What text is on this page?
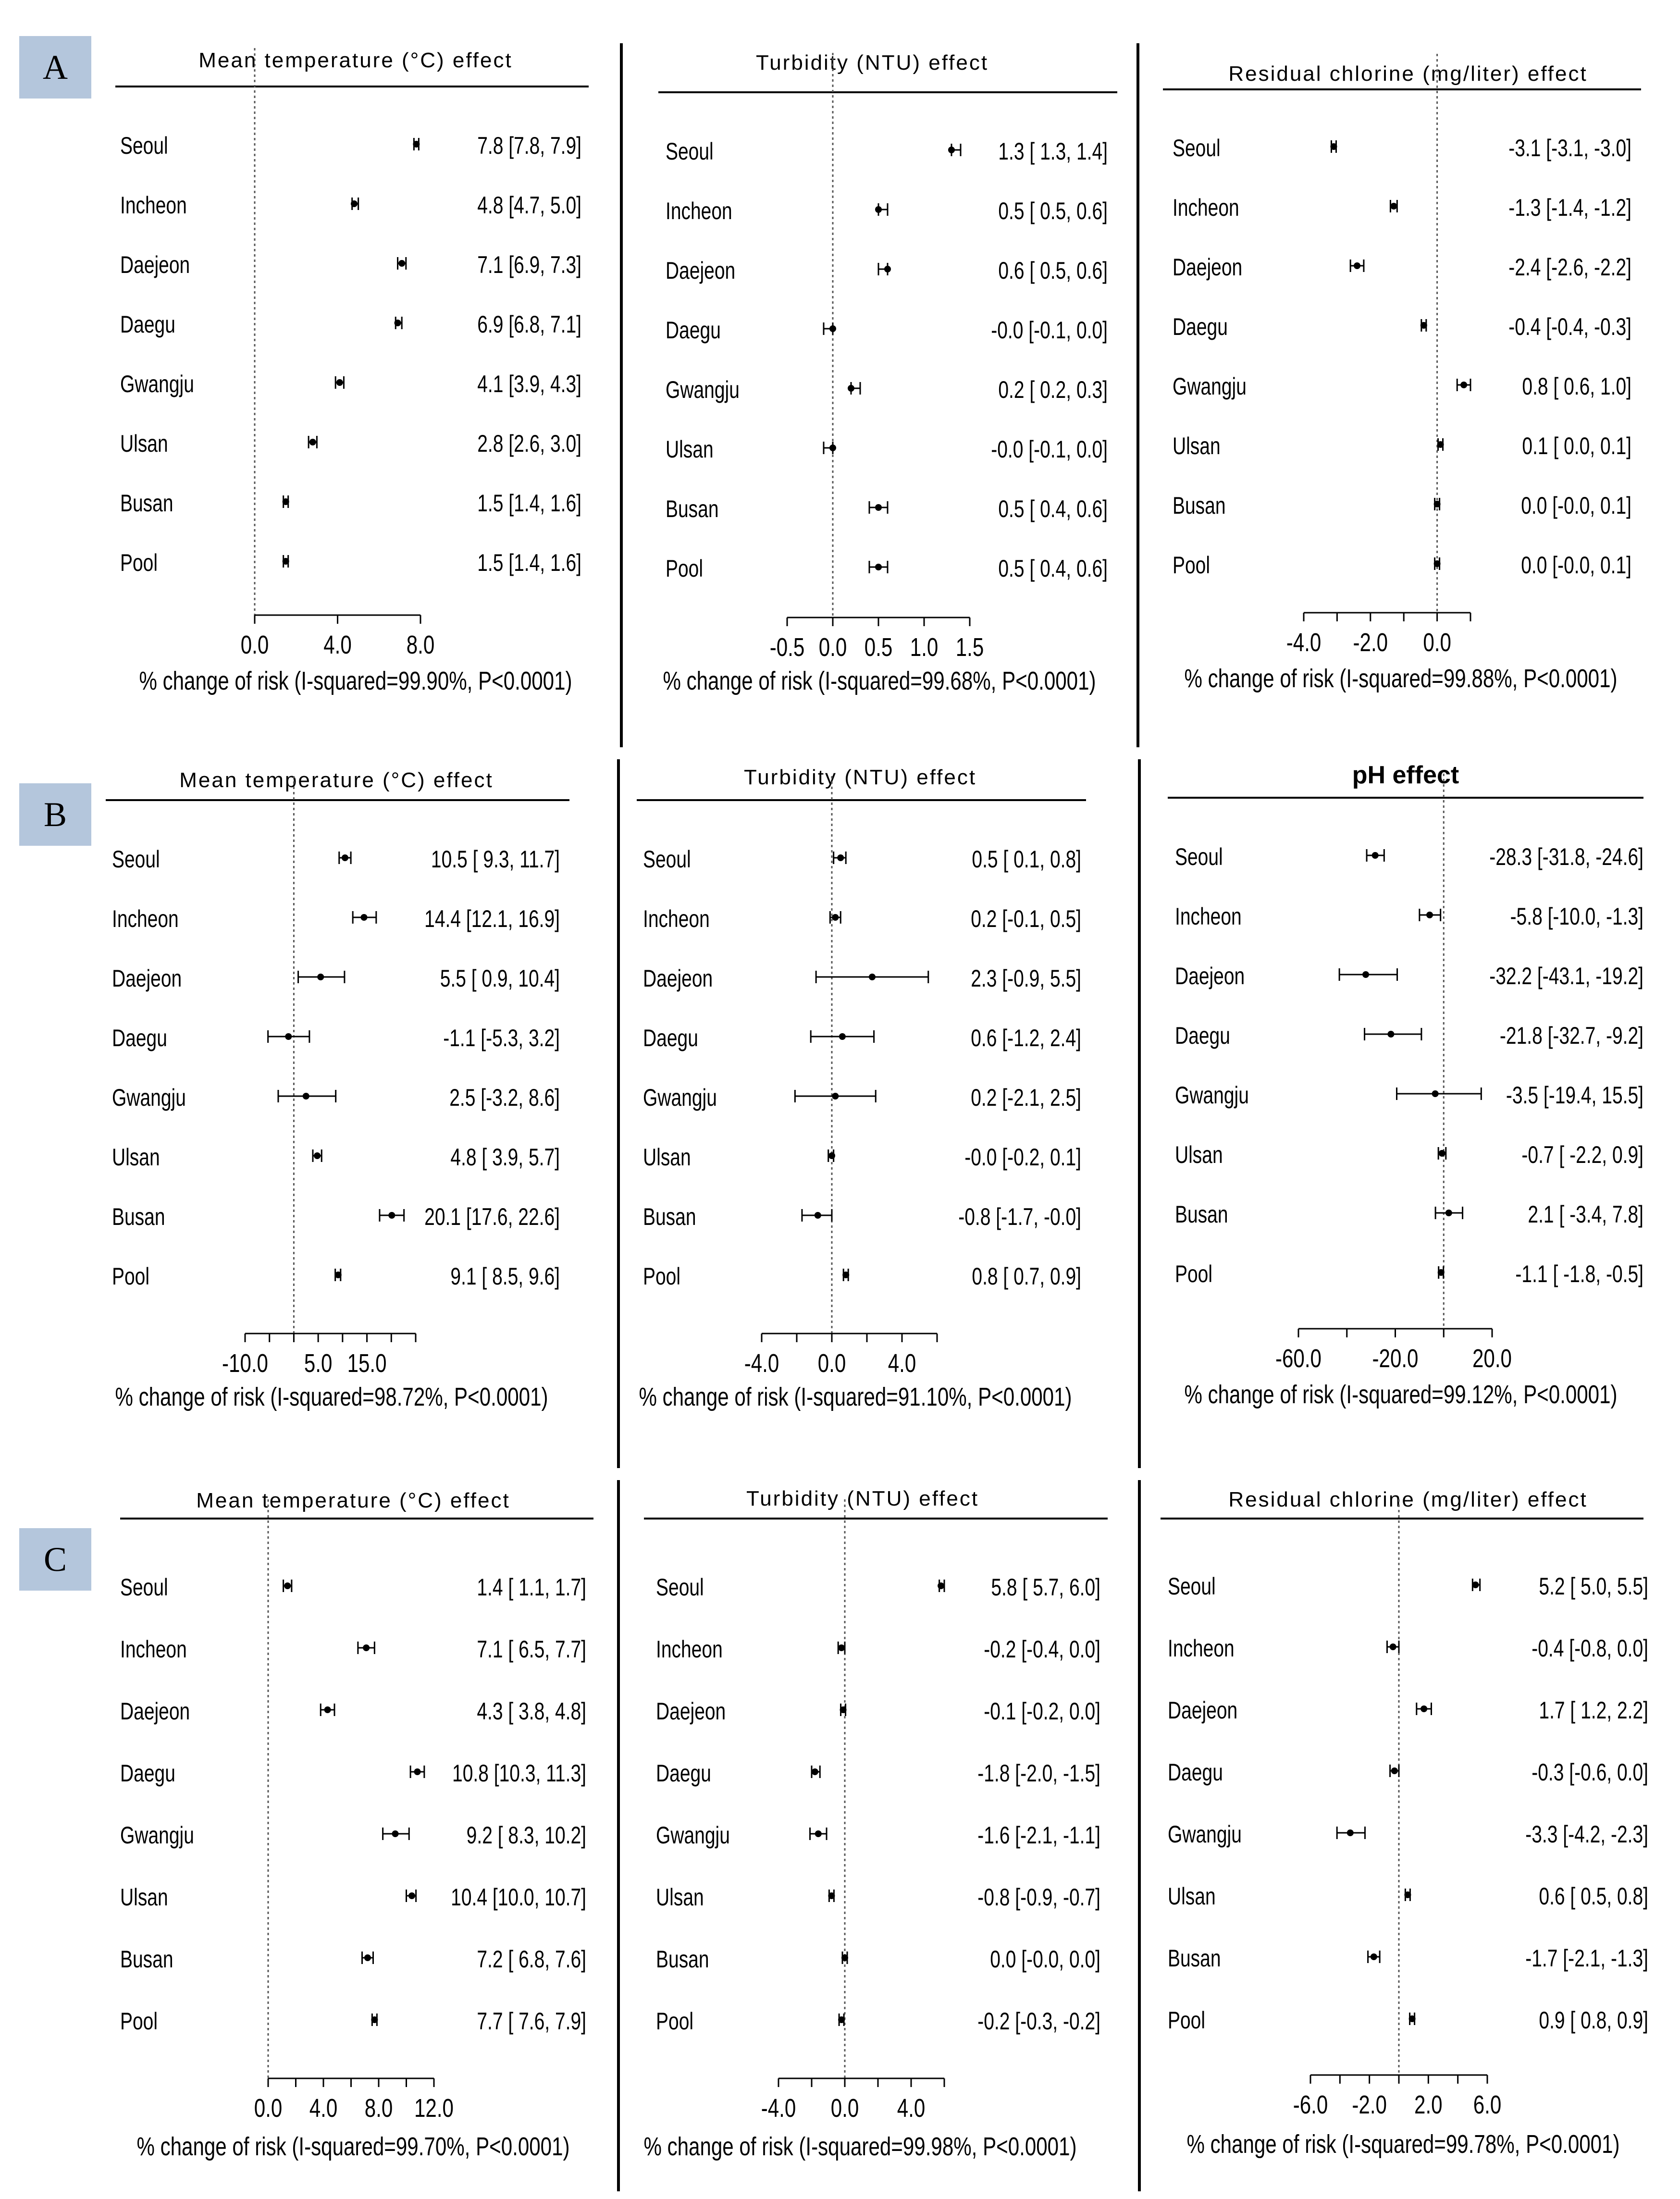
A
B
C
Mean temperature (°C) effect
Seoul	7.8 [7.8, 7.9]
Incheon	4.8 [4.7, 5.0]
Daejeon	7.1 [6.9, 7.3]
Daegu	6.9 [6.8, 7.1]
Gwangju	4.1 [3.9, 4.3]
Ulsan	2.8 [2.6, 3.0]
Busan	1.5 [1.4, 1.6]
Pool	1.5 [1.4, 1.6]
0.0 4.0 8.0
% change of risk (I-squared=99.90%, P<0.0001)
Turbidity (NTU) effect
Seoul	1.3 [ 1.3, 1.4]
Incheon	0.5 [ 0.5, 0.6]
Daejeon	0.6 [ 0.5, 0.6]
Daegu	-0.0 [-0.1, 0.0]
Gwangju	0.2 [ 0.2, 0.3]
Ulsan	-0.0 [-0.1, 0.0]
Busan	0.5 [ 0.4, 0.6]
Pool	0.5 [ 0.4, 0.6]
-0.5 0.0 0.5 1.0 1.5
% change of risk (I-squared=99.68%, P<0.0001)
Residual chlorine (mg/liter) effect
Seoul	-3.1 [-3.1, -3.0]
Incheon	-1.3 [-1.4, -1.2]
Daejeon	-2.4 [-2.6, -2.2]
Daegu	-0.4 [-0.4, -0.3]
Gwangju	0.8 [ 0.6, 1.0]
Ulsan	0.1 [ 0.0, 0.1]
Busan	0.0 [-0.0, 0.1]
Pool	0.0 [-0.0, 0.1]
-4.0 -2.0 0.0
% change of risk (I-squared=99.88%, P<0.0001)
Mean temperature (°C) effect
Seoul	10.5 [ 9.3, 11.7]
Incheon	14.4 [12.1, 16.9]
Daejeon	5.5 [ 0.9, 10.4]
Daegu	-1.1 [-5.3, 3.2]
Gwangju	2.5 [-3.2, 8.6]
Ulsan	4.8 [ 3.9, 5.7]
Busan	20.1 [17.6, 22.6]
Pool	9.1 [ 8.5, 9.6]
-10.0 5.0 15.0
% change of risk (I-squared=98.72%, P<0.0001)
Turbidity (NTU) effect
Seoul	0.5 [ 0.1, 0.8]
Incheon	0.2 [-0.1, 0.5]
Daejeon	2.3 [-0.9, 5.5]
Daegu	0.6 [-1.2, 2.4]
Gwangju	0.2 [-2.1, 2.5]
Ulsan	-0.0 [-0.2, 0.1]
Busan	-0.8 [-1.7, -0.0]
Pool	0.8 [ 0.7, 0.9]
-4.0 0.0 4.0
% change of risk (I-squared=91.10%, P<0.0001)
pH effect
Seoul	-28.3 [-31.8, -24.6]
Incheon	-5.8 [-10.0, -1.3]
Daejeon	-32.2 [-43.1, -19.2]
Daegu	-21.8 [-32.7, -9.2]
Gwangju	-3.5 [-19.4, 15.5]
Ulsan	-0.7 [ -2.2, 0.9]
Busan	2.1 [ -3.4, 7.8]
Pool	-1.1 [ -1.8, -0.5]
-60.0 -20.0 20.0
% change of risk (I-squared=99.12%, P<0.0001)
Mean temperature (°C) effect
Seoul	1.4 [ 1.1, 1.7]
Incheon	7.1 [ 6.5, 7.7]
Daejeon	4.3 [ 3.8, 4.8]
Daegu	10.8 [10.3, 11.3]
Gwangju	9.2 [ 8.3, 10.2]
Ulsan	10.4 [10.0, 10.7]
Busan	7.2 [ 6.8, 7.6]
Pool	7.7 [ 7.6, 7.9]
0.0 4.0 8.0 12.0
% change of risk (I-squared=99.70%, P<0.0001)
Turbidity (NTU) effect
Seoul	5.8 [ 5.7, 6.0]
Incheon	-0.2 [-0.4, 0.0]
Daejeon	-0.1 [-0.2, 0.0]
Daegu	-1.8 [-2.0, -1.5]
Gwangju	-1.6 [-2.1, -1.1]
Ulsan	-0.8 [-0.9, -0.7]
Busan	0.0 [-0.0, 0.0]
Pool	-0.2 [-0.3, -0.2]
-4.0 0.0 4.0
% change of risk (I-squared=99.98%, P<0.0001)
Residual chlorine (mg/liter) effect
Seoul	5.2 [ 5.0, 5.5]
Incheon	-0.4 [-0.8, 0.0]
Daejeon	1.7 [ 1.2, 2.2]
Daegu	-0.3 [-0.6, 0.0]
Gwangju	-3.3 [-4.2, -2.3]
Ulsan	0.6 [ 0.5, 0.8]
Busan	-1.7 [-2.1, -1.3]
Pool	0.9 [ 0.8, 0.9]
-6.0 -2.0 2.0 6.0
% change of risk (I-squared=99.78%, P<0.0001)
